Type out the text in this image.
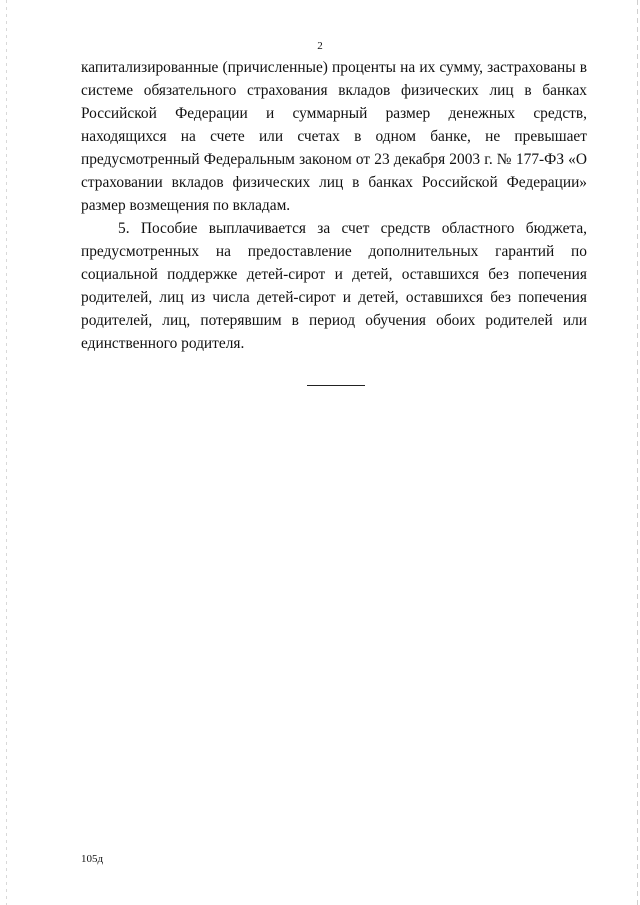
2

капитализированные (причисленные) проценты на их сумму, застрахованы в системе обязательного страхования вкладов физических лиц в банках Российской Федерации и суммарный размер денежных средств, находящихся на счете или счетах в одном банке, не превышает предусмотренный Федеральным законом от 23 декабря 2003 г. № 177-ФЗ «О страховании вкладов физических лиц в банках Российской Федерации» размер возмещения по вкладам.

5. Пособие выплачивается за счет средств областного бюджета, предусмотренных на предоставление дополнительных гарантий по социальной поддержке детей-сирот и детей, оставшихся без попечения родителей, лиц из числа детей-сирот и детей, оставшихся без попечения родителей, лиц, потерявшим в период обучения обоих родителей или единственного родителя.

105д
